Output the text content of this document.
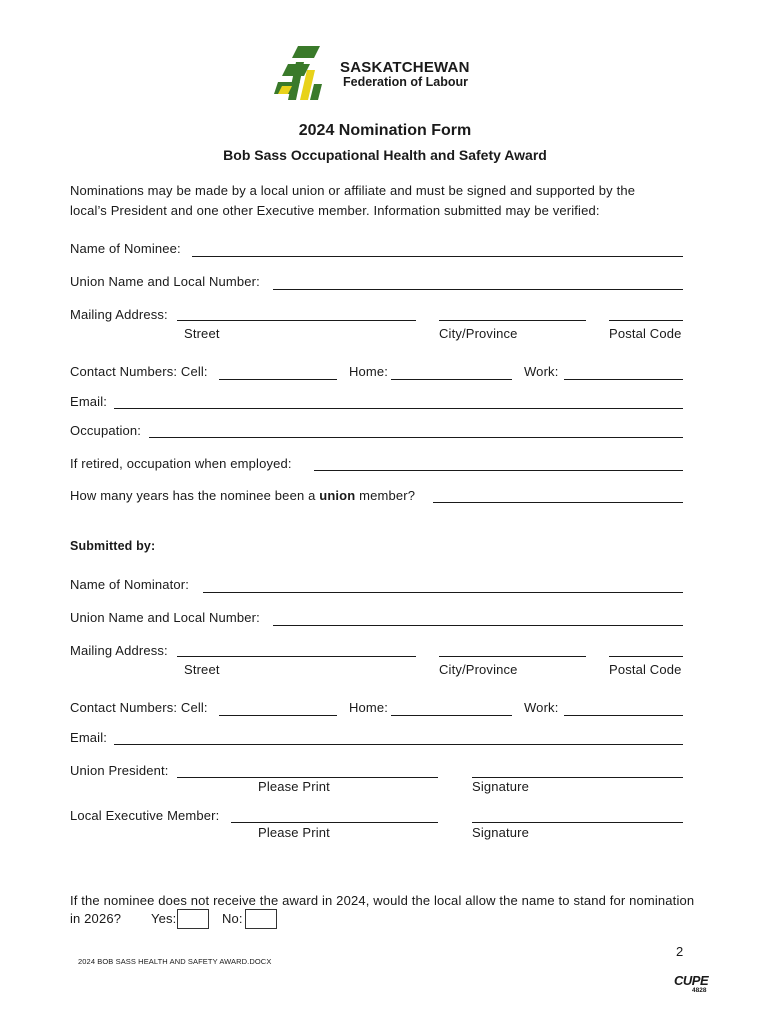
SASKATCHEWAN
Federation of Labour
2024 Nomination Form
Bob Sass Occupational Health and Safety Award
Nominations may be made by a local union or affiliate and must be signed and supported by the
local’s President and one other Executive member. Information submitted may be verified:
Name of Nominee:
Union Name and Local Number:
Mailing Address:
Street	City/Province	Postal Code
Contact Numbers: Cell:	Home:	Work:
Email:
Occupation:
If retired, occupation when employed:
How many years has the nominee been a union member?
Submitted by:
Name of Nominator:
Union Name and Local Number:
Mailing Address:
Street	City/Province	Postal Code
Contact Numbers: Cell:	Home:	Work:
Email:
Union President:
Please Print	Signature
Local Executive Member:
Please Print	Signature
If the nominee does not receive the award in 2024, would the local allow the name to stand for nomination
in 2026? Yes:	No:
2024 BOB SASS HEALTH AND SAFETY AWARD.DOCX
2
CUPE
4828
